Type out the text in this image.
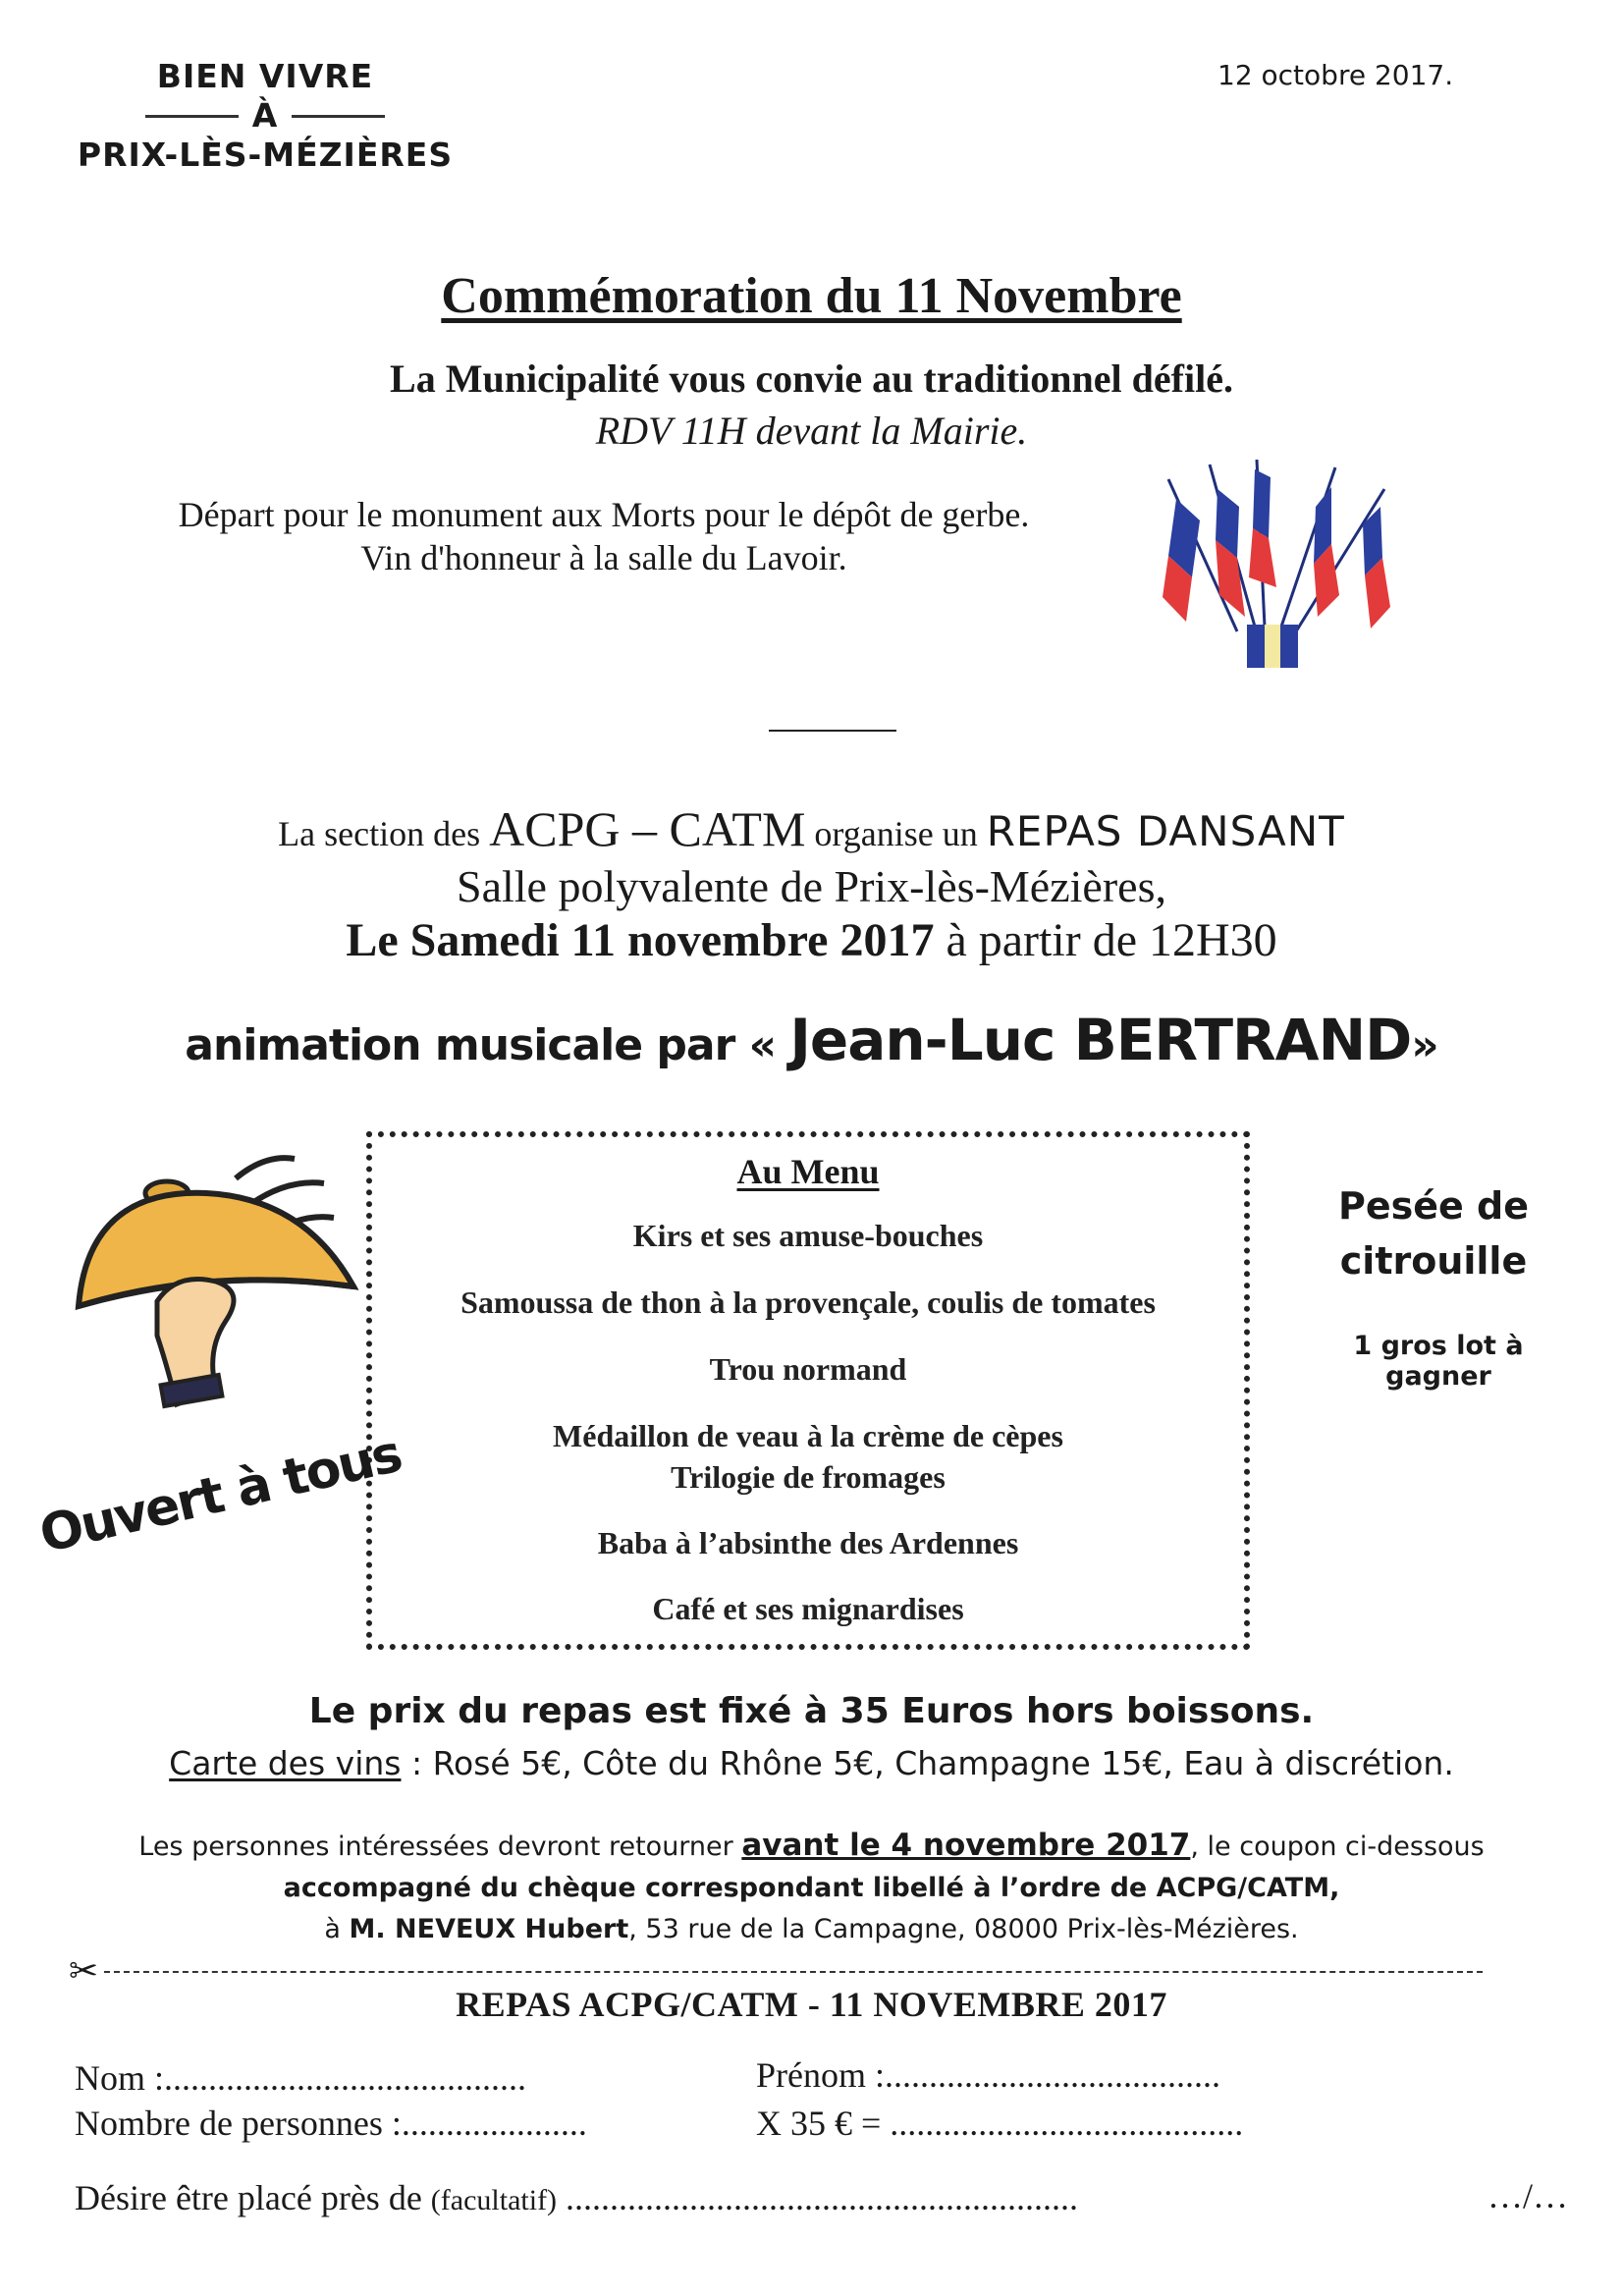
BIEN VIVRE
À
PRIX-LÈS-MÉZIÈRES
12 octobre 2017.
Commémoration du 11 Novembre
La Municipalité vous convie au traditionnel défilé.
RDV 11H devant la Mairie.
Départ pour le monument aux Morts pour le dépôt de gerbe.
Vin d'honneur à la salle du Lavoir.
La section des ACPG – CATM organise un REPAS DANSANT
Salle polyvalente de Prix-lès-Mézières,
Le Samedi 11 novembre 2017 à partir de 12H30
animation musicale par « Jean-Luc BERTRAND»
Au Menu
Kirs et ses amuse-bouches
Samoussa de thon à la provençale, coulis de tomates
Trou normand
Médaillon de veau à la crème de cèpes
Trilogie de fromages
Baba à l’absinthe des Ardennes
Café et ses mignardises
Ouvert à tous
Pesée de
citrouille
1 gros lot à gagner
Le prix du repas est fixé à 35 Euros hors boissons.
Carte des vins : Rosé 5€, Côte du Rhône 5€, Champagne 15€, Eau à discrétion.
Les personnes intéressées devront retourner avant le 4 novembre 2017, le coupon ci-dessous
accompagné du chèque correspondant libellé à l’ordre de ACPG/CATM,
à M. NEVEUX Hubert, 53 rue de la Campagne, 08000 Prix-lès-Mézières.
✂
REPAS ACPG/CATM - 11 NOVEMBRE 2017
Nom :.........................................	Prénom :......................................
Nombre de personnes :.....................	X 35 € = ........................................
Désire être placé près de (facultatif) ..........................................................	…/…
